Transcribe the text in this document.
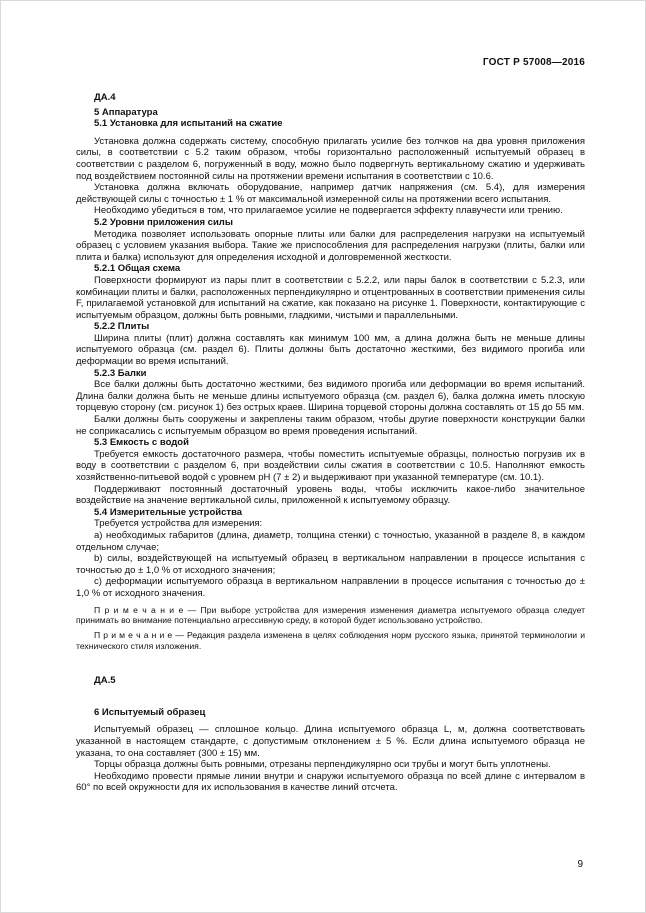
ГОСТ Р 57008—2016

ДА.4

5 Аппаратура

5.1 Установка для испытаний на сжатие

Установка должна содержать систему, способную прилагать усилие без толчков на два уровня приложения силы, в соответствии с 5.2 таким образом, чтобы горизонтально расположенный испытуемый образец в соответствии с разделом 6, погруженный в воду, можно было подвергнуть вертикальному сжатию и удерживать под воздействием постоянной силы на протяжении времени испытания в соответствии с 10.6.

Установка должна включать оборудование, например датчик напряжения (см. 5.4), для измерения действующей силы с точностью ± 1 % от максимальной измеренной силы на протяжении всего испытания.

Необходимо убедиться в том, что прилагаемое усилие не подвергается эффекту плавучести или трению.

5.2 Уровни приложения силы

Методика позволяет использовать опорные плиты или балки для распределения нагрузки на испытуемый образец с условием указания выбора. Такие же приспособления для распределения нагрузки (плиты, балки или плита и балка) используют для определения исходной и долговременной жесткости.

5.2.1 Общая схема

Поверхности формируют из пары плит в соответствии с 5.2.2, или пары балок в соответствии с 5.2.3, или комбинации плиты и балки, расположенных перпендикулярно и отцентрованных в соответствии применения силы F, прилагаемой установкой для испытаний на сжатие, как показано на рисунке 1. Поверхности, контактирующие с испытуемым образцом, должны быть ровными, гладкими, чистыми и параллельными.

5.2.2 Плиты

Ширина плиты (плит) должна составлять как минимум 100 мм, а длина должна быть не меньше длины испытуемого образца (см. раздел 6). Плиты должны быть достаточно жесткими, без видимого прогиба или деформации во время испытаний.

5.2.3 Балки

Все балки должны быть достаточно жесткими, без видимого прогиба или деформации во время испытаний. Длина балки должна быть не меньше длины испытуемого образца (см. раздел 6), балка должна иметь плоскую торцевую сторону (см. рисунок 1) без острых краев. Ширина торцевой стороны должна составлять от 15 до 55 мм.

Балки должны быть сооружены и закреплены таким образом, чтобы другие поверхности конструкции балки не соприкасались с испытуемым образцом во время проведения испытаний.

5.3 Емкость с водой

Требуется емкость достаточного размера, чтобы поместить испытуемые образцы, полностью погрузив их в воду в соответствии с разделом 6, при воздействии силы сжатия в соответствии с 10.5. Наполняют емкость хозяйственно-питьевой водой с уровнем pH (7 ± 2) и выдерживают при указанной температуре (см. 10.1).

Поддерживают постоянный достаточный уровень воды, чтобы исключить какое-либо значительное воздействие на значение вертикальной силы, приложенной к испытуемому образцу.

5.4 Измерительные устройства

Требуется устройства для измерения:

a) необходимых габаритов (длина, диаметр, толщина стенки) с точностью, указанной в разделе 8, в каждом отдельном случае;

b) силы, воздействующей на испытуемый образец в вертикальном направлении в процессе испытания с точностью до ± 1,0 % от исходного значения;

c) деформации испытуемого образца в вертикальном направлении в процессе испытания с точностью до ± 1,0 % от исходного значения.

П р и м е ч а н и е — При выборе устройства для измерения изменения диаметра испытуемого образца следует принимать во внимание потенциально агрессивную среду, в которой будет использовано устройство.

П р и м е ч а н и е — Редакция раздела изменена в целях соблюдения норм русского языка, принятой терминологии и технического стиля изложения.

ДА.5

6 Испытуемый образец

Испытуемый образец — сплошное кольцо. Длина испытуемого образца L, м, должна соответствовать указанной в настоящем стандарте, с допустимым отклонением ± 5 %. Если длина испытуемого образца не указана, то она составляет (300 ± 15) мм.

Торцы образца должны быть ровными, отрезаны перпендикулярно оси трубы и могут быть уплотнены.

Необходимо провести прямые линии внутри и снаружи испытуемого образца по всей длине с интервалом в 60° по всей окружности для их использования в качестве линий отсчета.

9
